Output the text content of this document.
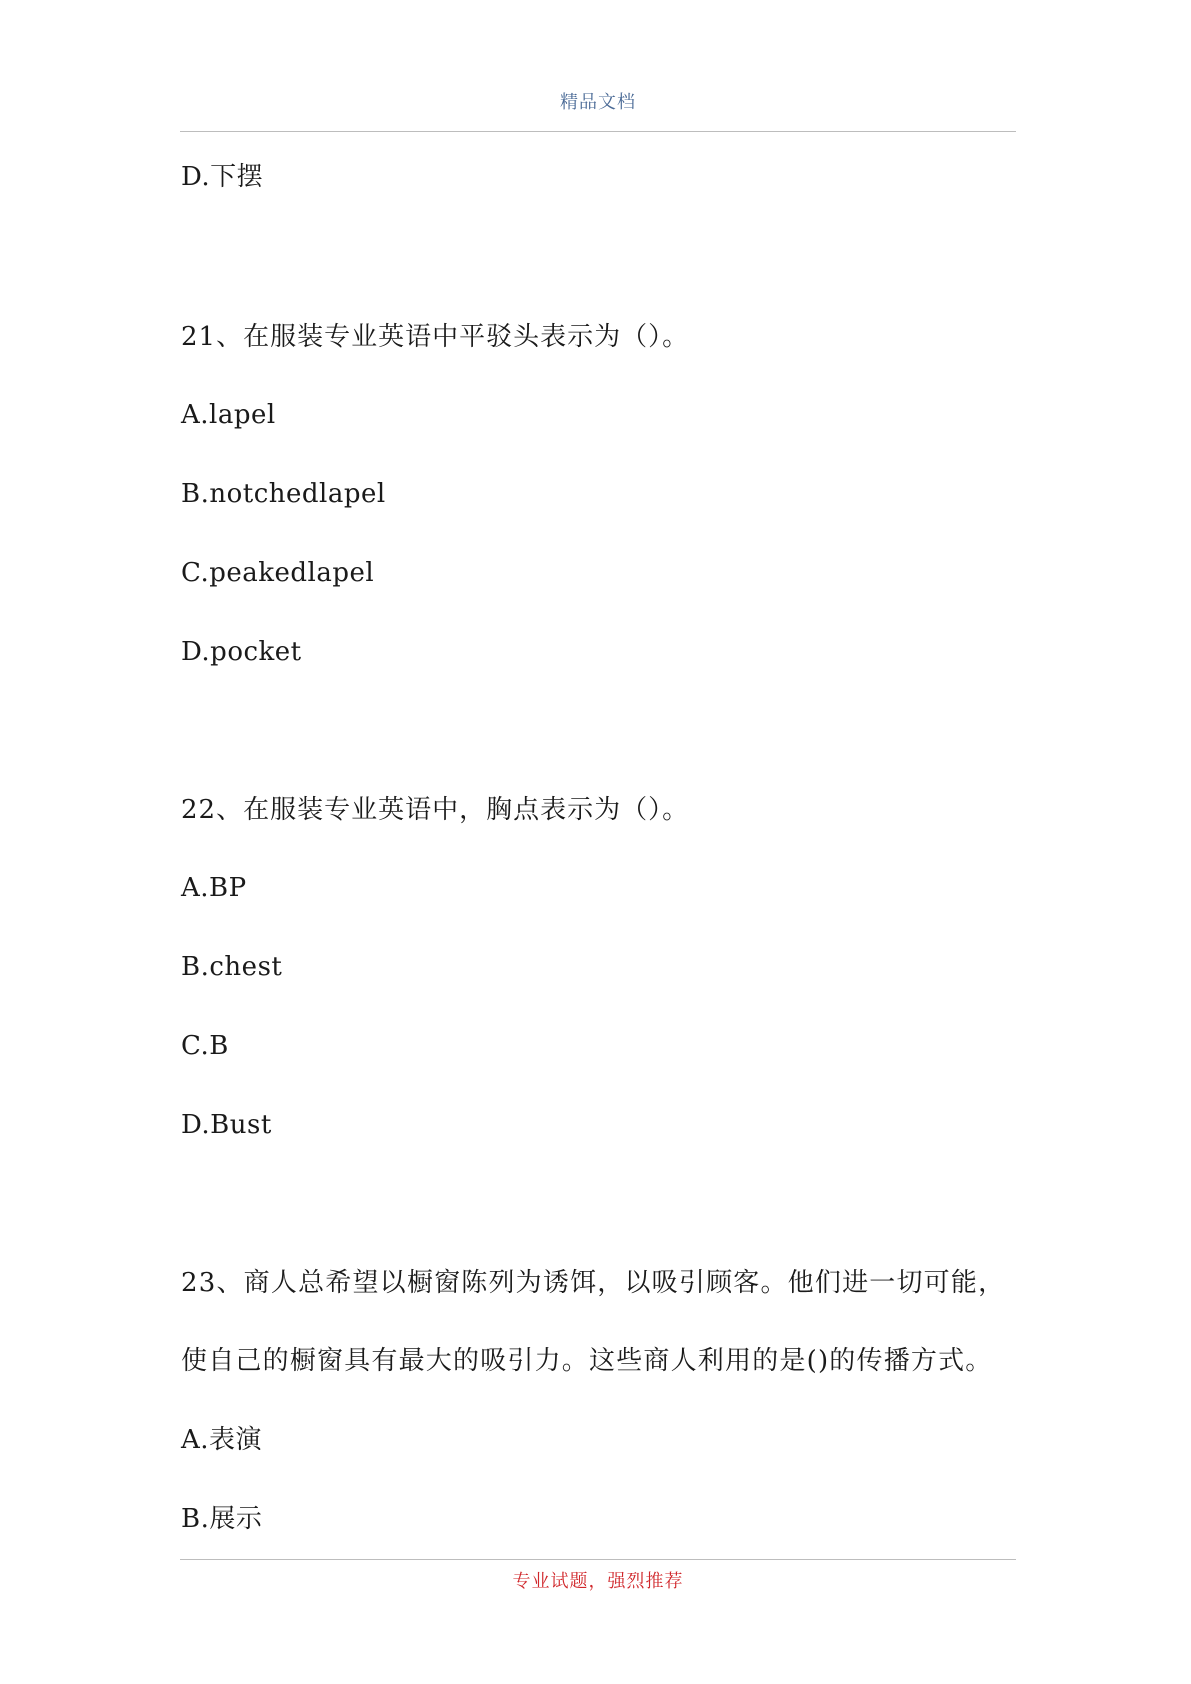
精品文档
D.下摆
21、在服装专业英语中平驳头表示为（）。
A.lapel
B.notchedlapel
C.peakedlapel
D.pocket
22、在服装专业英语中，胸点表示为（）。
A.BP
B.chest
C.B
D.Bust
23、商人总希望以橱窗陈列为诱饵，以吸引顾客。他们进一切可能，
使自己的橱窗具有最大的吸引力。这些商人利用的是()的传播方式。
A.表演
B.展示
专业试题，强烈推荐
